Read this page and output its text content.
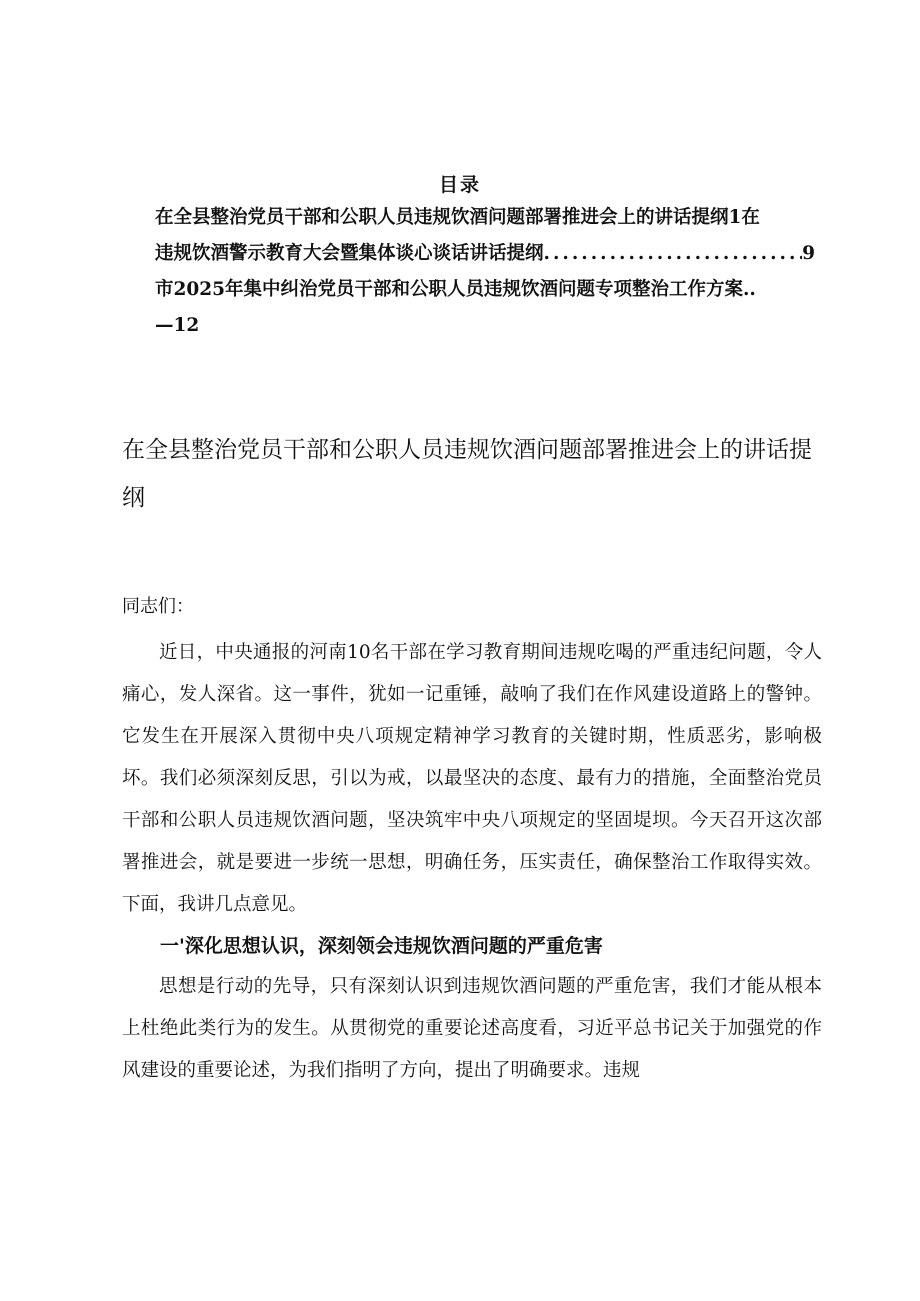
目录
在全县整治党员干部和公职人员违规饮酒问题部署推进会上的讲话提纲1在
违规饮酒警示教育大会暨集体谈心谈话讲话提纲
.....	9
市2025年集中纠治党员干部和公职人员违规饮酒问题专项整治工作方案..
—12
在全县整治党员干部和公职人员违规饮酒问题部署推进会上的讲话提纲
同志们：

近日，中央通报的河南10名干部在学习教育期间违规吃喝的严重违纪问题，令人痛心，发人深省。这一事件，犹如一记重锤，敲响了我们在作风建设道路上的警钟。它发生在开展深入贯彻中央八项规定精神学习教育的关键时期，性质恶劣，影响极坏。我们必须深刻反思，引以为戒，以最坚决的态度、最有力的措施，全面整治党员干部和公职人员违规饮酒问题，坚决筑牢中央八项规定的坚固堤坝。今天召开这次部署推进会，就是要进一步统一思想，明确任务，压实责任，确保整治工作取得实效。下面，我讲几点意见。

一'深化思想认识，深刻领会违规饮酒问题的严重危害

思想是行动的先导，只有深刻认识到违规饮酒问题的严重危害，我们才能从根本上杜绝此类行为的发生。从贯彻党的重要论述高度看，习近平总书记关于加强党的作风建设的重要论述，为我们指明了方向，提出了明确要求。违规
